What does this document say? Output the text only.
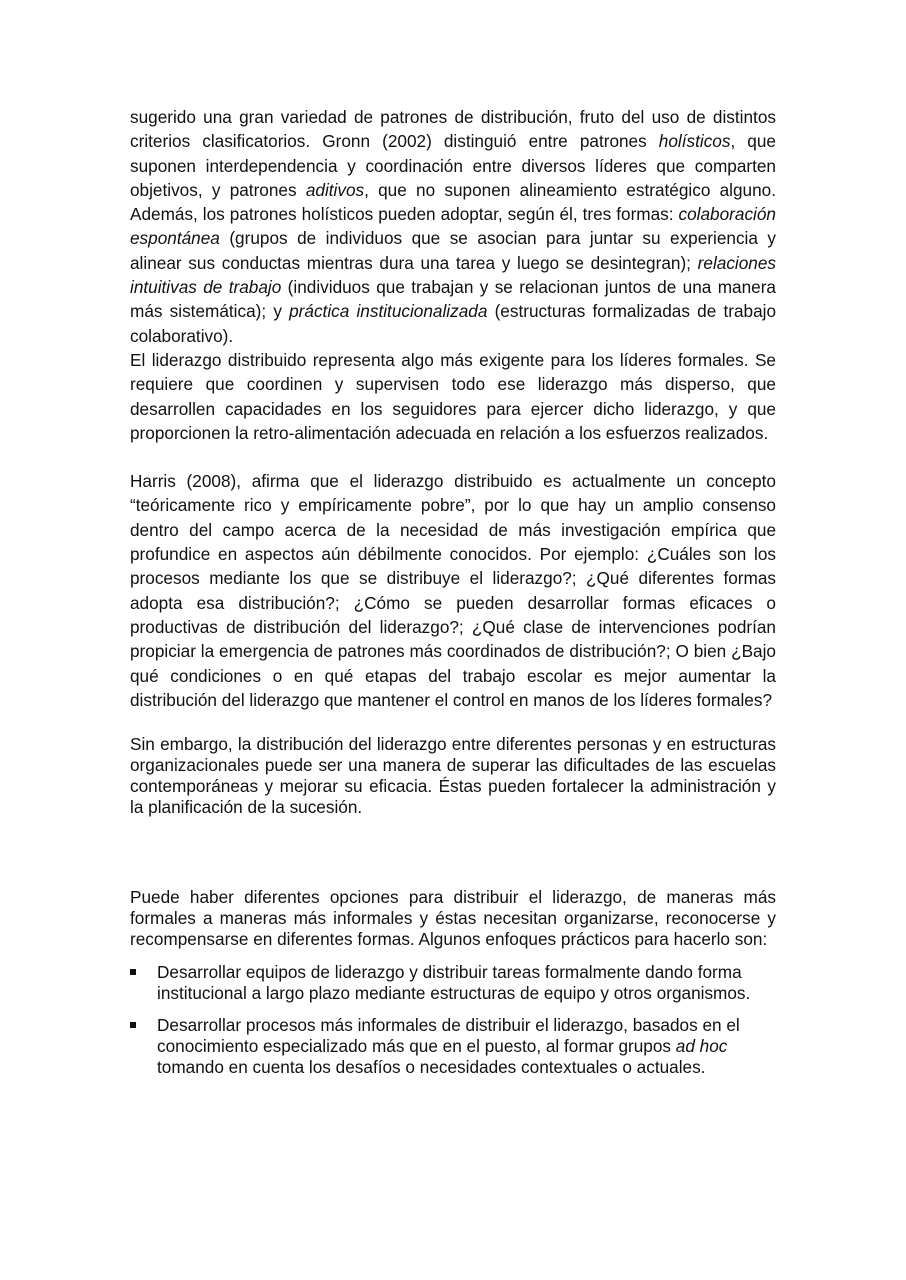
sugerido una gran variedad de patrones de distribución, fruto del uso de distintos criterios clasificatorios. Gronn (2002) distinguió entre patrones holísticos, que suponen interdependencia y coordinación entre diversos líderes que comparten objetivos, y patrones aditivos, que no suponen alineamiento estratégico alguno. Además, los patrones holísticos pueden adoptar, según él, tres formas: colaboración espontánea (grupos de individuos que se asocian para juntar su experiencia y alinear sus conductas mientras dura una tarea y luego se desintegran); relaciones intuitivas de trabajo (individuos que trabajan y se relacionan juntos de una manera más sistemática); y práctica institucionalizada (estructuras formalizadas de trabajo colaborativo).

El liderazgo distribuido representa algo más exigente para los líderes formales. Se requiere que coordinen y supervisen todo ese liderazgo más disperso, que desarrollen capacidades en los seguidores para ejercer dicho liderazgo, y que proporcionen la retro-alimentación adecuada en relación a los esfuerzos realizados.

Harris (2008), afirma que el liderazgo distribuido es actualmente un concepto “teóricamente rico y empíricamente pobre”, por lo que hay un amplio consenso dentro del campo acerca de la necesidad de más investigación empírica que profundice en aspectos aún débilmente conocidos. Por ejemplo: ¿Cuáles son los procesos mediante los que se distribuye el liderazgo?; ¿Qué diferentes formas adopta esa distribución?; ¿Cómo se pueden desarrollar formas eficaces o productivas de distribución del liderazgo?; ¿Qué clase de intervenciones podrían propiciar la emergencia de patrones más coordinados de distribución?; O bien ¿Bajo qué condiciones o en qué etapas del trabajo escolar es mejor aumentar la distribución del liderazgo que mantener el control en manos de los líderes formales?

Sin embargo, la distribución del liderazgo entre diferentes personas y en estructuras organizacionales puede ser una manera de superar las dificultades de las escuelas contemporáneas y mejorar su eficacia. Éstas pueden fortalecer la administración y la planificación de la sucesión.

Puede haber diferentes opciones para distribuir el liderazgo, de maneras más formales a maneras más informales y éstas necesitan organizarse, reconocerse y recompensarse en diferentes formas. Algunos enfoques prácticos para hacerlo son:

Desarrollar equipos de liderazgo y distribuir tareas formalmente dando forma institucional a largo plazo mediante estructuras de equipo y otros organismos.
Desarrollar procesos más informales de distribuir el liderazgo, basados en el conocimiento especializado más que en el puesto, al formar grupos ad hoc tomando en cuenta los desafíos o necesidades contextuales o actuales.
